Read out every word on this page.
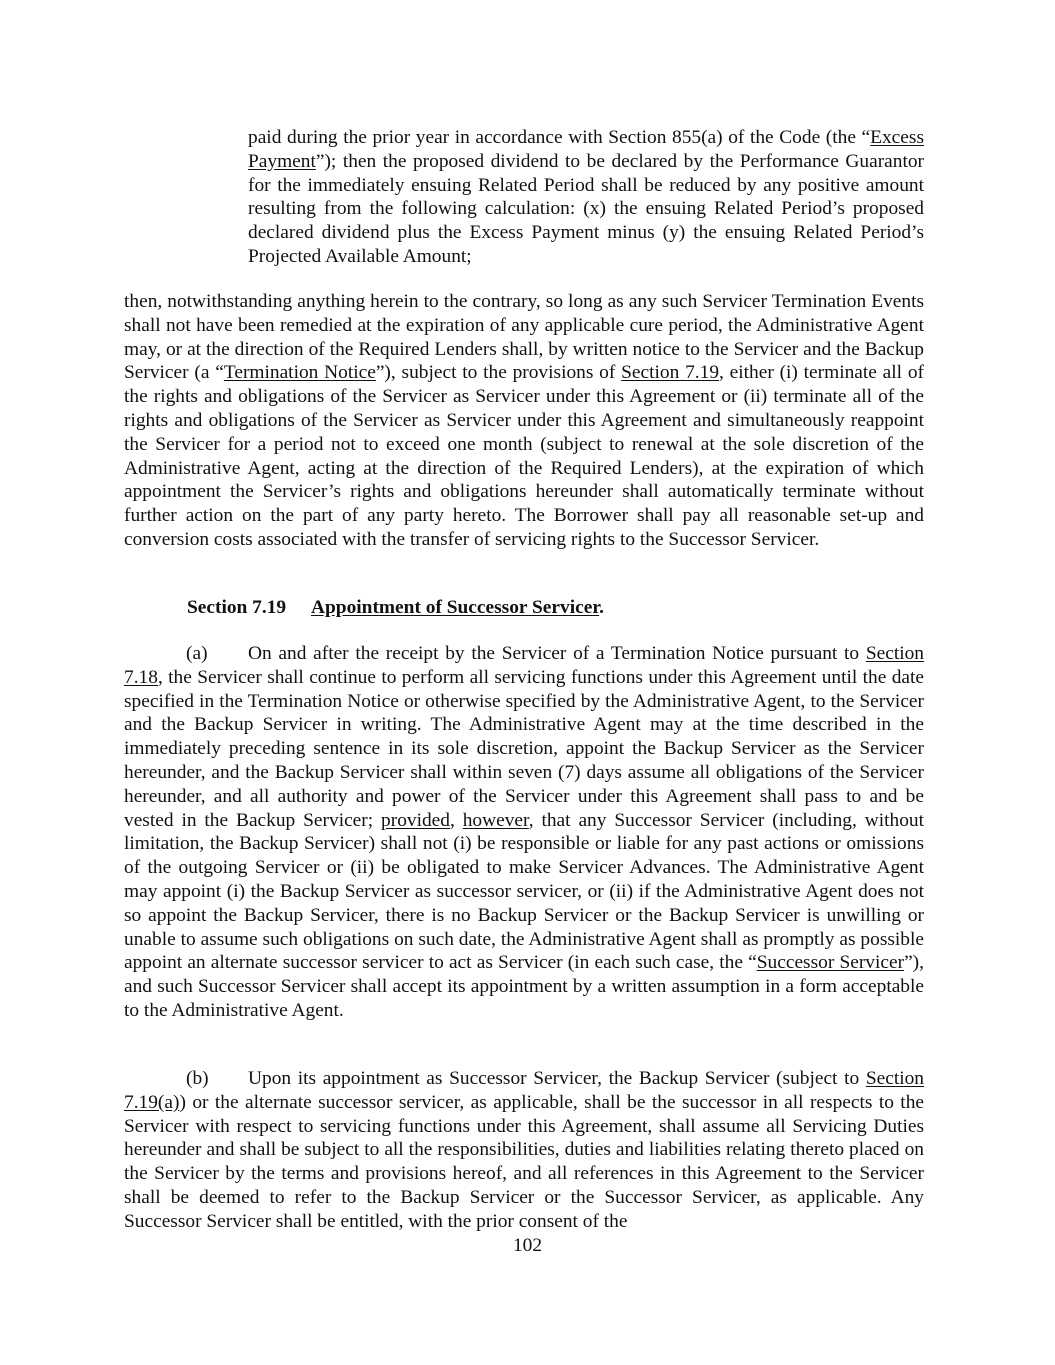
paid during the prior year in accordance with Section 855(a) of the Code (the “Excess Payment”); then the proposed dividend to be declared by the Performance Guarantor for the immediately ensuing Related Period shall be reduced by any positive amount resulting from the following calculation: (x) the ensuing Related Period’s proposed declared dividend plus the Excess Payment minus (y) the ensuing Related Period’s Projected Available Amount;
then, notwithstanding anything herein to the contrary, so long as any such Servicer Termination Events shall not have been remedied at the expiration of any applicable cure period, the Administrative Agent may, or at the direction of the Required Lenders shall, by written notice to the Servicer and the Backup Servicer (a “Termination Notice”), subject to the provisions of Section 7.19, either (i) terminate all of the rights and obligations of the Servicer as Servicer under this Agreement or (ii) terminate all of the rights and obligations of the Servicer as Servicer under this Agreement and simultaneously reappoint the Servicer for a period not to exceed one month (subject to renewal at the sole discretion of the Administrative Agent, acting at the direction of the Required Lenders), at the expiration of which appointment the Servicer’s rights and obligations hereunder shall automatically terminate without further action on the part of any party hereto. The Borrower shall pay all reasonable set-up and conversion costs associated with the transfer of servicing rights to the Successor Servicer.
Section 7.19 Appointment of Successor Servicer.
(a) On and after the receipt by the Servicer of a Termination Notice pursuant to Section 7.18, the Servicer shall continue to perform all servicing functions under this Agreement until the date specified in the Termination Notice or otherwise specified by the Administrative Agent, to the Servicer and the Backup Servicer in writing. The Administrative Agent may at the time described in the immediately preceding sentence in its sole discretion, appoint the Backup Servicer as the Servicer hereunder, and the Backup Servicer shall within seven (7) days assume all obligations of the Servicer hereunder, and all authority and power of the Servicer under this Agreement shall pass to and be vested in the Backup Servicer; provided, however, that any Successor Servicer (including, without limitation, the Backup Servicer) shall not (i) be responsible or liable for any past actions or omissions of the outgoing Servicer or (ii) be obligated to make Servicer Advances. The Administrative Agent may appoint (i) the Backup Servicer as successor servicer, or (ii) if the Administrative Agent does not so appoint the Backup Servicer, there is no Backup Servicer or the Backup Servicer is unwilling or unable to assume such obligations on such date, the Administrative Agent shall as promptly as possible appoint an alternate successor servicer to act as Servicer (in each such case, the “Successor Servicer”), and such Successor Servicer shall accept its appointment by a written assumption in a form acceptable to the Administrative Agent.
(b) Upon its appointment as Successor Servicer, the Backup Servicer (subject to Section 7.19(a)) or the alternate successor servicer, as applicable, shall be the successor in all respects to the Servicer with respect to servicing functions under this Agreement, shall assume all Servicing Duties hereunder and shall be subject to all the responsibilities, duties and liabilities relating thereto placed on the Servicer by the terms and provisions hereof, and all references in this Agreement to the Servicer shall be deemed to refer to the Backup Servicer or the Successor Servicer, as applicable. Any Successor Servicer shall be entitled, with the prior consent of the
102
